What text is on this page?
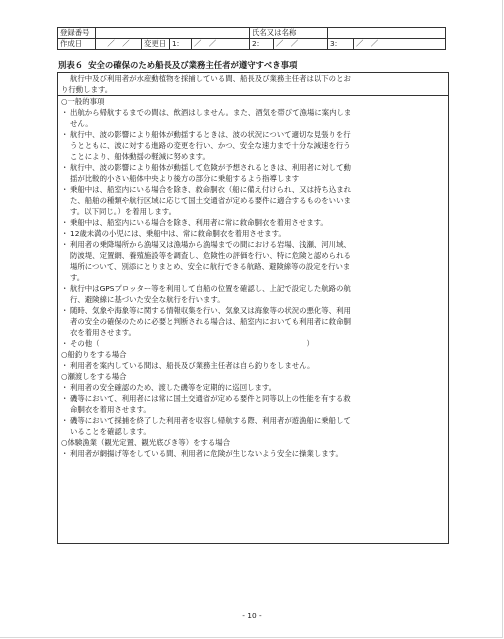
登録番号					氏名又は名称			
作成日	／　／	変更日	1:	／　／	2:	／　／	3:	／　／
別表６ 安全の確保のため船長及び業務主任者が遵守すべき事項
航行中及び利用者が水産動植物を採捕している間、船長及び業務主任者は以下のとお
り行動します。
○一般的事項
・ 出航から帰航するまでの間は、飲酒はしません。また、酒気を帯びて漁場に案内しま
せん。
・ 航行中、波の影響により船体が動揺するときは、波の状況について適切な見張りを行
うとともに、波に対する進路の変更を行い、かつ、安全な速力まで十分な減速を行う
ことにより、船体動揺の軽減に努めます。
・ 航行中、波の影響により船体が動揺して危険が予想されるときは、利用者に対して動
揺が比較的小さい船体中央より後方の部分に乗船するよう指導します
・ 乗船中は、船室内にいる場合を除き、救命胴衣（船に備え付けられ、又は持ち込まれ
た、船舶の種類や航行区域に応じて国土交通省が定める要件に適合するものをいいま
す。以下同じ。）を着用します。
・ 乗船中は、船室内にいる場合を除き、利用者に常に救命胴衣を着用させます。
・ 12歳未満の小児には、乗船中は、常に救命胴衣を着用させます。
・ 利用者の乗降場所から漁場又は漁場から漁場までの間における岩場、浅瀬、河川域、
防波堤、定置網、養殖施設等を調査し、危険性の評価を行い、特に危険と認められる
場所について、別添にとりまとめ、安全に航行できる航路、避険線等の設定を行いま
す。
・ 航行中はGPSプロッター等を利用して自船の位置を確認し、上記で設定した航路の航
行、避険線に基づいた安全な航行を行います。
・ 随時、気象や海象等に関する情報収集を行い、気象又は海象等の状況の悪化等、利用
者の安全の確保のために必要と判断される場合は、船室内においても利用者に救命胴
衣を着用させます。
・ その他（　　　　　　　　　　　　　　　　　　　　　　　　　　　　）
○船釣りをする場合
・ 利用者を案内している間は、船長及び業務主任者は自ら釣りをしません。
○瀬渡しをする場合
・ 利用者の安全確認のため、渡した磯等を定期的に巡回します。
・ 磯等において、利用者には常に国土交通省が定める要件と同等以上の性能を有する救
命胴衣を着用させます。
・ 磯等において採捕を終了した利用者を収容し帰航する際、利用者が遊漁船に乗船して
いることを確認します。
○体験漁業（観光定置、観光底びき等）をする場合
・ 利用者が網揚げ等をしている間、利用者に危険が生じないよう安全に操業します。
- 10 -
